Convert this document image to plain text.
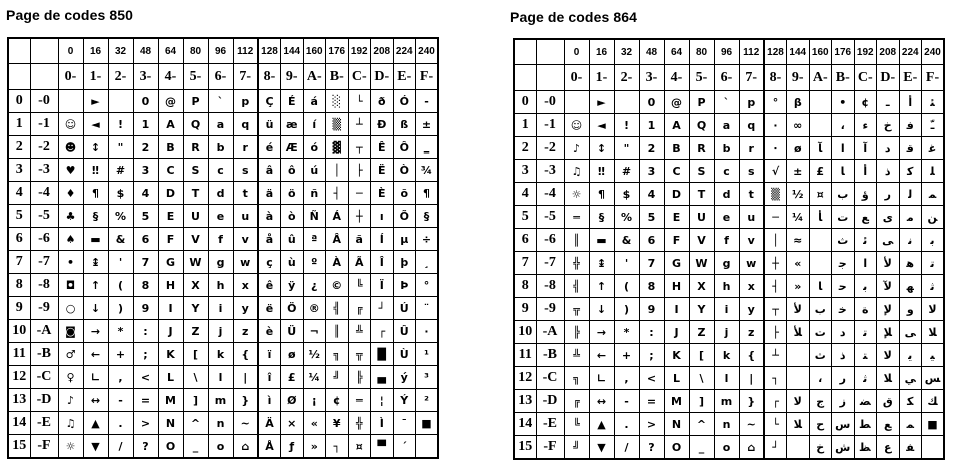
Page de codes 850	Page de codes 864
		0	16	32	48	64	80	96	112	128	144	160	176	192	208	224	240
		0-	1-	2-	3-	4-	5-	6-	7-	8-	9-	A-	B-	C-	D-	E-	F-
0	-0		►		0	@	P	`	p	Ç	É	á	░	└	ð	Ó	-
1	-1	☺	◄	!	1	A	Q	a	q	ü	æ	í	▒	┴	Ð	ß	±
2	-2	☻	↕	"	2	B	R	b	r	é	Æ	ó	▓	┬	Ê	Ô	‗
3	-3	♥	‼	#	3	C	S	c	s	â	ô	ú	│	├	Ë	Ò	¾
4	-4	♦	¶	$	4	D	T	d	t	ä	ö	ñ	┤	─	È	õ	¶
5	-5	♣	§	%	5	E	U	e	u	à	ò	Ñ	Á	┼	ı	Õ	§
6	-6	♠	▬	&	6	F	V	f	v	å	û	ª	Â	ã	Í	µ	÷
7	-7	•	↨	'	7	G	W	g	w	ç	ù	º	À	Ã	Î	þ	¸
8	-8	◘	↑	(	8	H	X	h	x	ê	ÿ	¿	©	╚	Ï	Þ	°
9	-9	○	↓	)	9	I	Y	i	y	ë	Ö	®	╣	╔	┘	Ú	¨
10	-A	◙	→	*	:	J	Z	j	z	è	Ü	¬	║	╩	┌	Û	·
11	-B	♂	←	+	;	K	[	k	{	ï	ø	½	╗	╦	█	Ù	¹
12	-C	♀	∟	,	<	L	\	l	|	î	£	¼	╝	╠	▄	ý	³
13	-D	♪	↔	-	=	M	]	m	}	ì	Ø	¡	¢	═	¦	Ý	²
14	-E	♫	▲	.	>	N	^	n	~	Ä	×	«	¥	╬	Ì	¯	■
15	-F	☼	▼	/	?	O	_	o	⌂	Å	ƒ	»	┐	¤	▀	´	
		0	16	32	48	64	80	96	112	128	144	160	176	192	208	224	240
		0-	1-	2-	3-	4-	5-	6-	7-	8-	9-	A-	B-	C-	D-	E-	F-
0	-0		►		0	@	P	`	p	°	β		•	¢	ـ	ﺃ	ﺌ
1	-1	☺	◄	!	1	A	Q	a	q	·	∞		،	ء	ﺥ	ﻓ	ﹽ
2	-2	♪	↕	"	2	B	R	b	r	∙	ø	ﺂ	ﺍ	ﺁ	ﺩ	ﻗ	ﻏ
3	-3	♫	‼	#	3	C	S	c	s	√	±	£	ﺎ	ﺃ	ﺫ	ﻛ	ﻠ
4	-4	☼	¶	$	4	D	T	d	t	▒	½	¤	ﺏ	ﺅ	ﺭ	ﻟ	ﻤ
5	-5	═	§	%	5	E	U	e	u	─	¼	ﺄ	ﺕ	ﻊ	ﻯ	ﻣ	ﻦ
6	-6	║	▬	&	6	F	V	f	v	│	≈		ﺙ	ﺋ	ﻰ	ﻧ	ﺑ
7	-7	╬	↨	'	7	G	W	g	w	┼	«		ﺟ	ﺍ	ﻷ	ﻫ	ﺗ
8	-8	╣	↑	(	8	H	X	h	x	┤	»	ﺎ	ﺣ	ﺑ	ﻵ	ﻬ	ﺛ
9	-9	╦	↓	)	9	I	Y	i	y	┬	ﻷ	ﺏ	ﺧ	ﺓ	ﻹ	ﻭ	ﻻ
10	-A	╠	→	*	:	J	Z	j	z	├	ﻸ	ﺕ	ﺩ	ﺗ	ﻺ	ﻰ	ﻼ
11	-B	╩	←	+	;	K	[	k	{	┴		ﺙ	ﺫ	ﺘ	ﻻ	ﻳ	ﻴ
12	-C	╗	∟	,	<	L	\	l	|	┐		،	ﺭ	ﺛ	ﻼ	ﻲ	ﺲ
13	-D	╔	↔	-	=	M	]	m	}	┌	ﻻ	ﺝ	ﺯ	ﻀ	ﻕ	ﻜ	ﻚ
14	-E	╚	▲	.	>	N	^	n	~	└	ﻼ	ﺡ	ﺱ	ﻄ	ﻊ	ﻤ	■
15	-F	╝	▼	/	?	O	_	o	⌂	┘		ﺥ	ﺵ	ﻈ	ﻉ	ﻔ	
